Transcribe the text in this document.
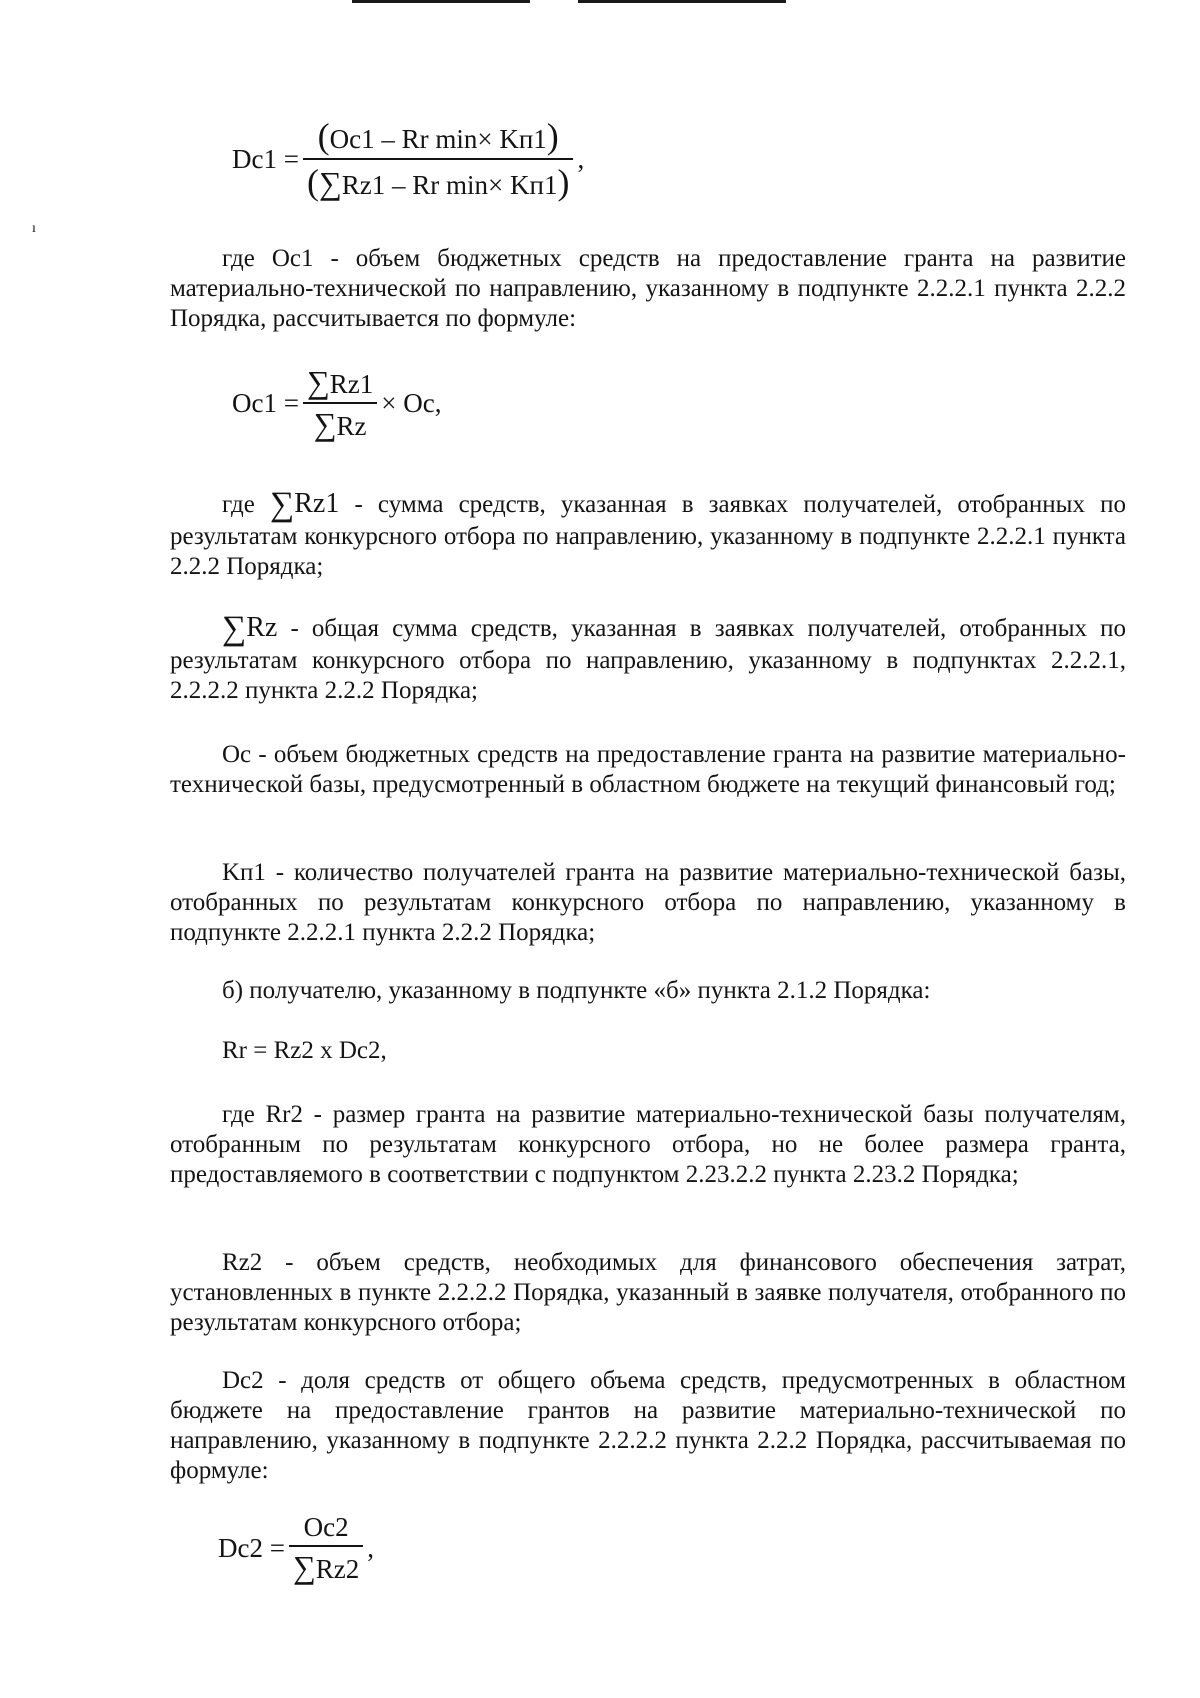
ı
$Dc1 = \frac{\text{(Oc1 – Rr min× Kп1)}}{\text{(∑Rz1 – Rr min× Kп1)}}$ ,

где Oc1 - объем бюджетных средств на предоставление гранта на развитие материально-технической по направлению, указанному в подпункте 2.2.2.1 пункта 2.2.2 Порядка, рассчитывается по формуле:

$Oc1 = \frac{\sum Rz1}{\sum Rz} \times Oc$,

где ∑Rz1 - сумма средств, указанная в заявках получателей, отобранных по результатам конкурсного отбора по направлению, указанному в подпункте 2.2.2.1 пункта 2.2.2 Порядка;

∑Rz - общая сумма средств, указанная в заявках получателей, отобранных по результатам конкурсного отбора по направлению, указанному в подпунктах 2.2.2.1, 2.2.2.2 пункта 2.2.2 Порядка;

Oc - объем бюджетных средств на предоставление гранта на развитие материально-технической базы, предусмотренный в областном бюджете на текущий финансовый год;

Kп1 - количество получателей гранта на развитие материально-технической базы, отобранных по результатам конкурсного отбора по направлению, указанному в подпункте 2.2.2.1 пункта 2.2.2 Порядка;

б) получателю, указанному в подпункте «б» пункта 2.1.2 Порядка:

Rr = Rz2 x Dc2,

где Rr2 - размер гранта на развитие материально-технической базы получателям, отобранным по результатам конкурсного отбора, но не более размера гранта, предоставляемого в соответствии с подпунктом 2.23.2.2 пункта 2.23.2 Порядка;

Rz2 - объем средств, необходимых для финансового обеспечения затрат, установленных в пункте 2.2.2.2 Порядка, указанный в заявке получателя, отобранного по результатам конкурсного отбора;

Dc2 - доля средств от общего объема средств, предусмотренных в областном бюджете на предоставление грантов на развитие материально-технической по направлению, указанному в подпункте 2.2.2.2 пункта 2.2.2 Порядка, рассчитываемая по формуле:

$Dc2 = \frac{Oc2}{\sum Rz2}$ ,
